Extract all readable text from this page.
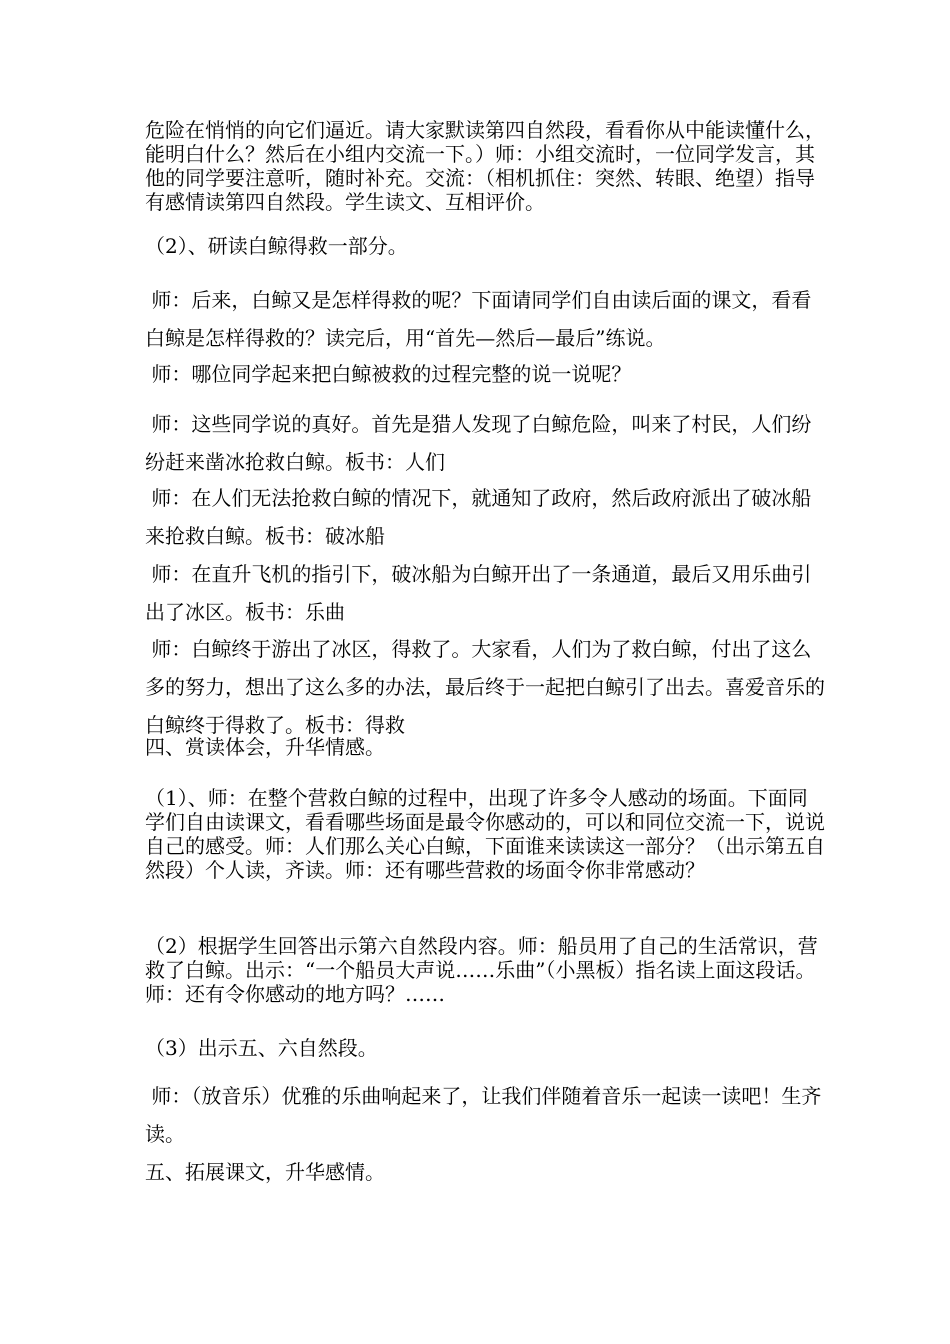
危险在悄悄的向它们逼近。请大家默读第四自然段，看看你从中能读懂什么，能明白什么？然后在小组内交流一下。）师：小组交流时，一位同学发言，其他的同学要注意听，随时补充。交流：（相机抓住：突然、转眼、绝望）指导有感情读第四自然段。学生读文、互相评价。

（2）、研读白鲸得救一部分。

师：后来，白鲸又是怎样得救的呢？下面请同学们自由读后面的课文，看看白鲸是怎样得救的？读完后，用“首先—然后—最后”练说。

师：哪位同学起来把白鲸被救的过程完整的说一说呢？

师：这些同学说的真好。首先是猎人发现了白鲸危险，叫来了村民，人们纷纷赶来凿冰抢救白鲸。板书：人们

师：在人们无法抢救白鲸的情况下，就通知了政府，然后政府派出了破冰船来抢救白鲸。板书：破冰船

师：在直升飞机的指引下，破冰船为白鲸开出了一条通道，最后又用乐曲引出了冰区。板书：乐曲

师：白鲸终于游出了冰区，得救了。大家看，人们为了救白鲸，付出了这么多的努力，想出了这么多的办法，最后终于一起把白鲸引了出去。喜爱音乐的白鲸终于得救了。板书：得救

四、赏读体会，升华情感。

（1）、师：在整个营救白鲸的过程中，出现了许多令人感动的场面。下面同学们自由读课文，看看哪些场面是最令你感动的，可以和同位交流一下，说说自己的感受。师：人们那么关心白鲸，下面谁来读读这一部分？（出示第五自然段）个人读，齐读。师：还有哪些营救的场面令你非常感动？

（2）根据学生回答出示第六自然段内容。师：船员用了自己的生活常识，营救了白鲸。出示：“一个船员大声说……乐曲”（小黑板）指名读上面这段话。师：还有令你感动的地方吗？……

（3）出示五、六自然段。

师：（放音乐）优雅的乐曲响起来了，让我们伴随着音乐一起读一读吧！生齐读。

五、拓展课文，升华感情。
